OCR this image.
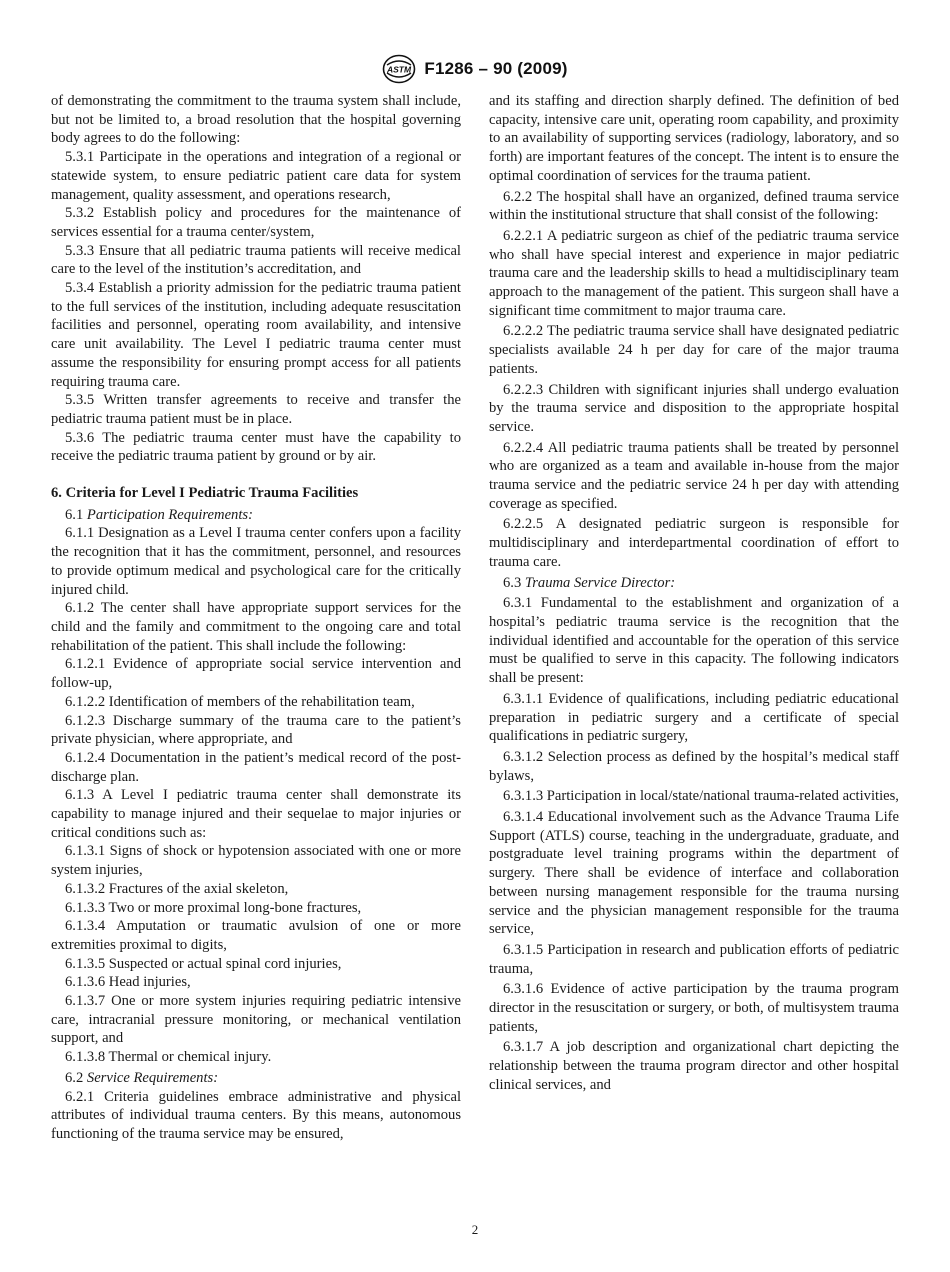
ASTM F1286 – 90 (2009)

of demonstrating the commitment to the trauma system shall include, but not be limited to, a broad resolution that the hospital governing body agrees to do the following:

5.3.1 Participate in the operations and integration of a regional or statewide system, to ensure pediatric patient care data for system management, quality assessment, and operations research,

5.3.2 Establish policy and procedures for the maintenance of services essential for a trauma center/system,

5.3.3 Ensure that all pediatric trauma patients will receive medical care to the level of the institution’s accreditation, and

5.3.4 Establish a priority admission for the pediatric trauma patient to the full services of the institution, including adequate resuscitation facilities and personnel, operating room availability, and intensive care unit availability. The Level I pediatric trauma center must assume the responsibility for ensuring prompt access for all patients requiring trauma care.

5.3.5 Written transfer agreements to receive and transfer the pediatric trauma patient must be in place.

5.3.6 The pediatric trauma center must have the capability to receive the pediatric trauma patient by ground or by air.

6. Criteria for Level I Pediatric Trauma Facilities

6.1 Participation Requirements:

6.1.1 Designation as a Level I trauma center confers upon a facility the recognition that it has the commitment, personnel, and resources to provide optimum medical and psychological care for the critically injured child.

6.1.2 The center shall have appropriate support services for the child and the family and commitment to the ongoing care and total rehabilitation of the patient. This shall include the following:

6.1.2.1 Evidence of appropriate social service intervention and follow-up,

6.1.2.2 Identification of members of the rehabilitation team,

6.1.2.3 Discharge summary of the trauma care to the patient’s private physician, where appropriate, and

6.1.2.4 Documentation in the patient’s medical record of the post-discharge plan.

6.1.3 A Level I pediatric trauma center shall demonstrate its capability to manage injured and their sequelae to major injuries or critical conditions such as:

6.1.3.1 Signs of shock or hypotension associated with one or more system injuries,

6.1.3.2 Fractures of the axial skeleton,

6.1.3.3 Two or more proximal long-bone fractures,

6.1.3.4 Amputation or traumatic avulsion of one or more extremities proximal to digits,

6.1.3.5 Suspected or actual spinal cord injuries,

6.1.3.6 Head injuries,

6.1.3.7 One or more system injuries requiring pediatric intensive care, intracranial pressure monitoring, or mechanical ventilation support, and

6.1.3.8 Thermal or chemical injury.

6.2 Service Requirements:

6.2.1 Criteria guidelines embrace administrative and physical attributes of individual trauma centers. By this means, autonomous functioning of the trauma service may be ensured,

and its staffing and direction sharply defined. The definition of bed capacity, intensive care unit, operating room capability, and proximity to an availability of supporting services (radiology, laboratory, and so forth) are important features of the concept. The intent is to ensure the optimal coordination of services for the trauma patient.

6.2.2 The hospital shall have an organized, defined trauma service within the institutional structure that shall consist of the following:

6.2.2.1 A pediatric surgeon as chief of the pediatric trauma service who shall have special interest and experience in major pediatric trauma care and the leadership skills to head a multidisciplinary team approach to the management of the patient. This surgeon shall have a significant time commitment to major trauma care.

6.2.2.2 The pediatric trauma service shall have designated pediatric specialists available 24 h per day for care of the major trauma patients.

6.2.2.3 Children with significant injuries shall undergo evaluation by the trauma service and disposition to the appropriate hospital service.

6.2.2.4 All pediatric trauma patients shall be treated by personnel who are organized as a team and available in-house from the major trauma service and the pediatric service 24 h per day with attending coverage as specified.

6.2.2.5 A designated pediatric surgeon is responsible for multidisciplinary and interdepartmental coordination of effort to trauma care.

6.3 Trauma Service Director:

6.3.1 Fundamental to the establishment and organization of a hospital’s pediatric trauma service is the recognition that the individual identified and accountable for the operation of this service must be qualified to serve in this capacity. The following indicators shall be present:

6.3.1.1 Evidence of qualifications, including pediatric educational preparation in pediatric surgery and a certificate of special qualifications in pediatric surgery,

6.3.1.2 Selection process as defined by the hospital’s medical staff bylaws,

6.3.1.3 Participation in local/state/national trauma-related activities,

6.3.1.4 Educational involvement such as the Advance Trauma Life Support (ATLS) course, teaching in the undergraduate, graduate, and postgraduate level training programs within the department of surgery. There shall be evidence of interface and collaboration between nursing management responsible for the trauma nursing service and the physician management responsible for the trauma service,

6.3.1.5 Participation in research and publication efforts of pediatric trauma,

6.3.1.6 Evidence of active participation by the trauma program director in the resuscitation or surgery, or both, of multisystem trauma patients,

6.3.1.7 A job description and organizational chart depicting the relationship between the trauma program director and other hospital clinical services, and

2
